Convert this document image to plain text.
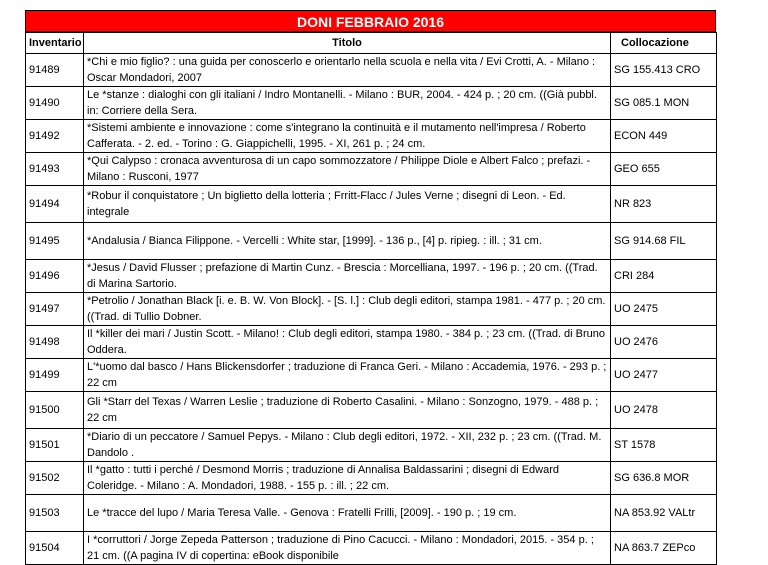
DONI FEBBRAIO 2016
Inventario	Titolo	Collocazione
91489	*Chi e mio figlio? : una guida per conoscerlo e orientarlo nella scuola e nella vita / Evi Crotti, A. - Milano : Oscar Mondadori, 2007	SG 155.413 CRO
91490	Le *stanze : dialoghi con gli italiani / Indro Montanelli. - Milano : BUR, 2004. - 424 p. ; 20 cm. ((Già pubbl. in: Corriere della Sera.	SG 085.1 MON
91492	*Sistemi ambiente e innovazione : come s'integrano la continuità e il mutamento nell'impresa / Roberto Cafferata. - 2. ed. - Torino : G. Giappichelli, 1995. - XI, 261 p. ; 24 cm.	ECON 449
91493	*Qui Calypso : cronaca avventurosa di un capo sommozzatore / Philippe Diole e Albert Falco ; prefazi. - Milano : Rusconi, 1977	GEO 655
91494	*Robur il conquistatore ; Un biglietto della lotteria ; Frritt-Flacc / Jules Verne ; disegni di Leon. - Ed. integrale	NR 823
91495	*Andalusia / Bianca Filippone. - Vercelli : White star, [1999]. - 136 p., [4] p. ripieg. : ill. ; 31 cm.	SG 914.68 FIL
91496	*Jesus / David Flusser ; prefazione di Martin Cunz. - Brescia : Morcelliana, 1997. - 196 p. ; 20 cm. ((Trad. di Marina Sartorio.	CRI 284
91497	*Petrolio / Jonathan Black [i. e. B. W. Von Block]. - [S. l.] : Club degli editori, stampa 1981. - 477 p. ; 20 cm. ((Trad. di Tullio Dobner.	UO 2475
91498	Il *killer dei mari / Justin Scott. - Milano! : Club degli editori, stampa 1980. - 384 p. ; 23 cm. ((Trad. di Bruno Oddera.	UO 2476
91499	L'*uomo dal basco / Hans Blickensdorfer ; traduzione di Franca Geri. - Milano : Accademia, 1976. - 293 p. ; 22 cm	UO 2477
91500	Gli *Starr del Texas / Warren Leslie ; traduzione di Roberto Casalini. - Milano : Sonzogno, 1979. - 488 p. ; 22 cm	UO 2478
91501	*Diario di un peccatore / Samuel Pepys. - Milano : Club degli editori, 1972. - XII, 232 p. ; 23 cm. ((Trad. M. Dandolo .	ST 1578
91502	Il *gatto : tutti i perché / Desmond Morris ; traduzione di Annalisa Baldassarini ; disegni di Edward Coleridge. - Milano : A. Mondadori, 1988. - 155 p. : ill. ; 22 cm.	SG 636.8 MOR
91503	Le *tracce del lupo / Maria Teresa Valle. - Genova : Fratelli Frilli, [2009]. - 190 p. ; 19 cm.	NA 853.92 VALtr
91504	I *corruttori / Jorge Zepeda Patterson ; traduzione di Pino Cacucci. - Milano : Mondadori, 2015. - 354 p. ; 21 cm. ((A pagina IV di copertina: eBook disponibile	NA 863.7 ZEPco
